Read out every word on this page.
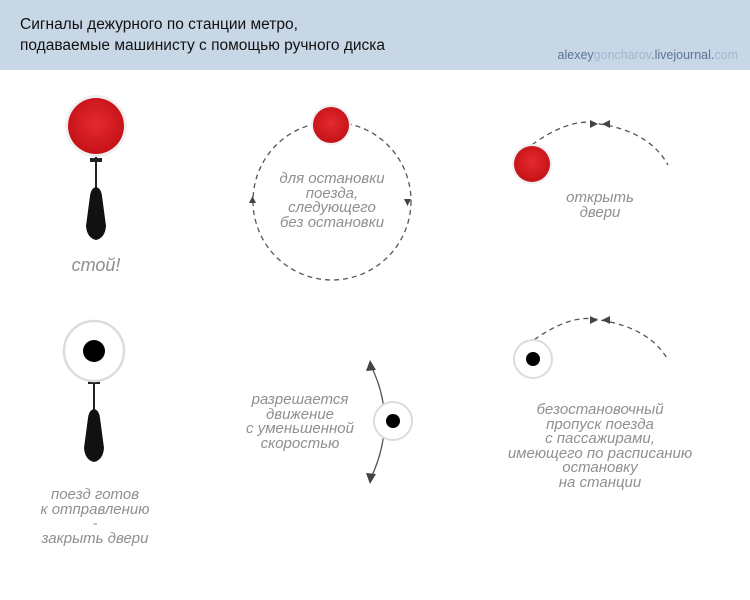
Сигналы дежурного по станции метро,
подаваемые машинисту с помощью ручного диска
alexeygoncharov.livejournal.com
стой!
для остановки
поезда,
следующего
без остановки
открыть
двери
поезд готов
к отправлению
-
закрыть двери
разрешается
движение
с уменьшенной
скоростью
безостановочный
пропуск поезда
с пассажирами,
имеющего по расписанию
остановку
на станции
